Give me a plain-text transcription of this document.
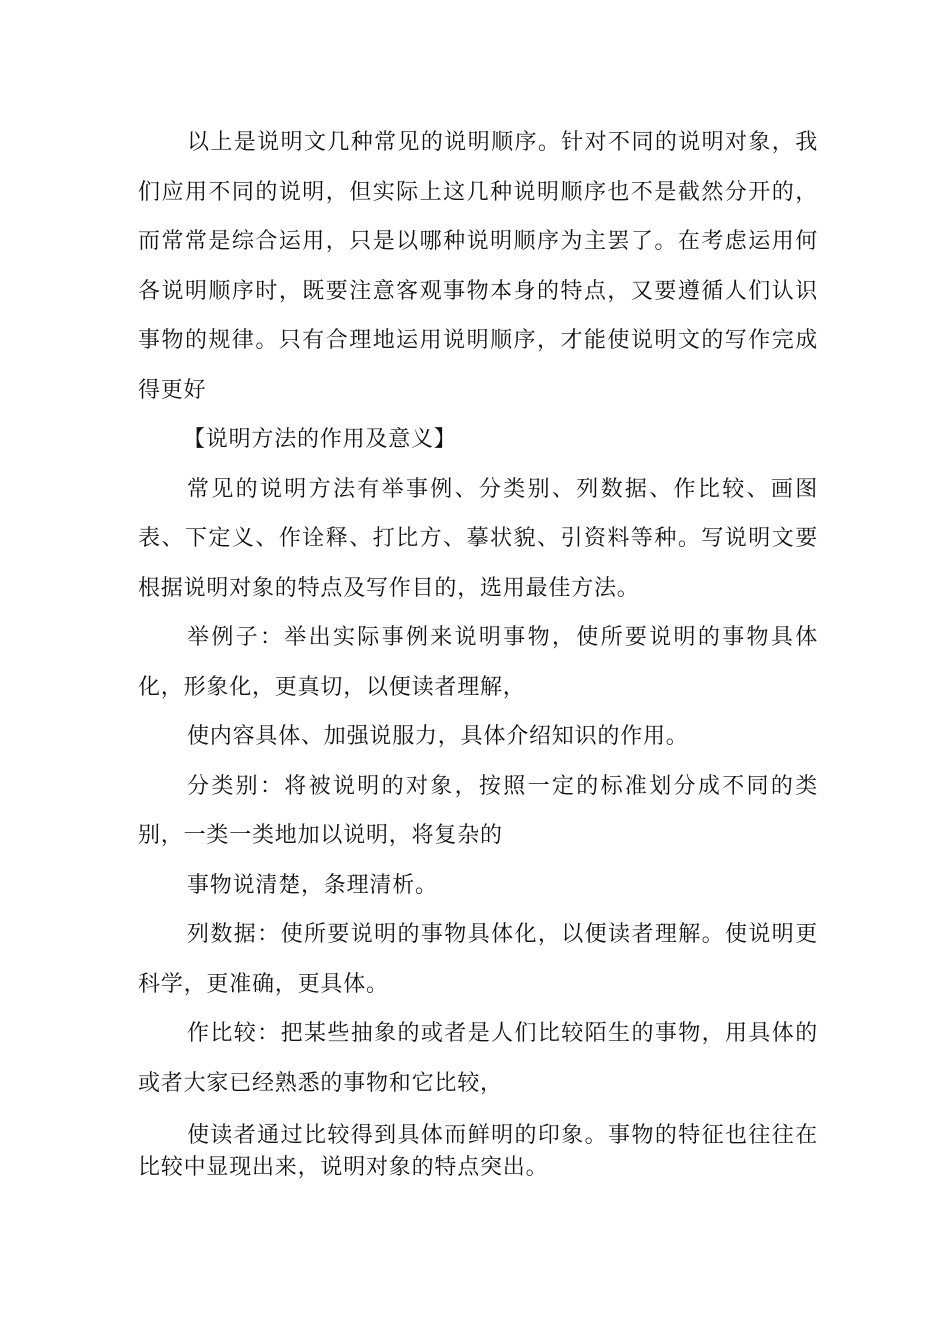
以上是说明文几种常见的说明顺序。针对不同的说明对象，我们应用不同的说明，但实际上这几种说明顺序也不是截然分开的，而常常是综合运用，只是以哪种说明顺序为主罢了。在考虑运用何各说明顺序时，既要注意客观事物本身的特点，又要遵循人们认识事物的规律。只有合理地运用说明顺序，才能使说明文的写作完成得更好

【说明方法的作用及意义】

常见的说明方法有举事例、分类别、列数据、作比较、画图表、下定义、作诠释、打比方、摹状貌、引资料等种。写说明文要根据说明对象的特点及写作目的，选用最佳方法。

举例子：举出实际事例来说明事物，使所要说明的事物具体化，形象化，更真切，以便读者理解，

使内容具体、加强说服力，具体介绍知识的作用。

分类别：将被说明的对象，按照一定的标准划分成不同的类别，一类一类地加以说明，将复杂的

事物说清楚，条理清析。

列数据：使所要说明的事物具体化，以便读者理解。使说明更科学，更准确，更具体。

作比较：把某些抽象的或者是人们比较陌生的事物，用具体的或者大家已经熟悉的事物和它比较，

使读者通过比较得到具体而鲜明的印象。事物的特征也往往在比较中显现出来，说明对象的特点突出。
